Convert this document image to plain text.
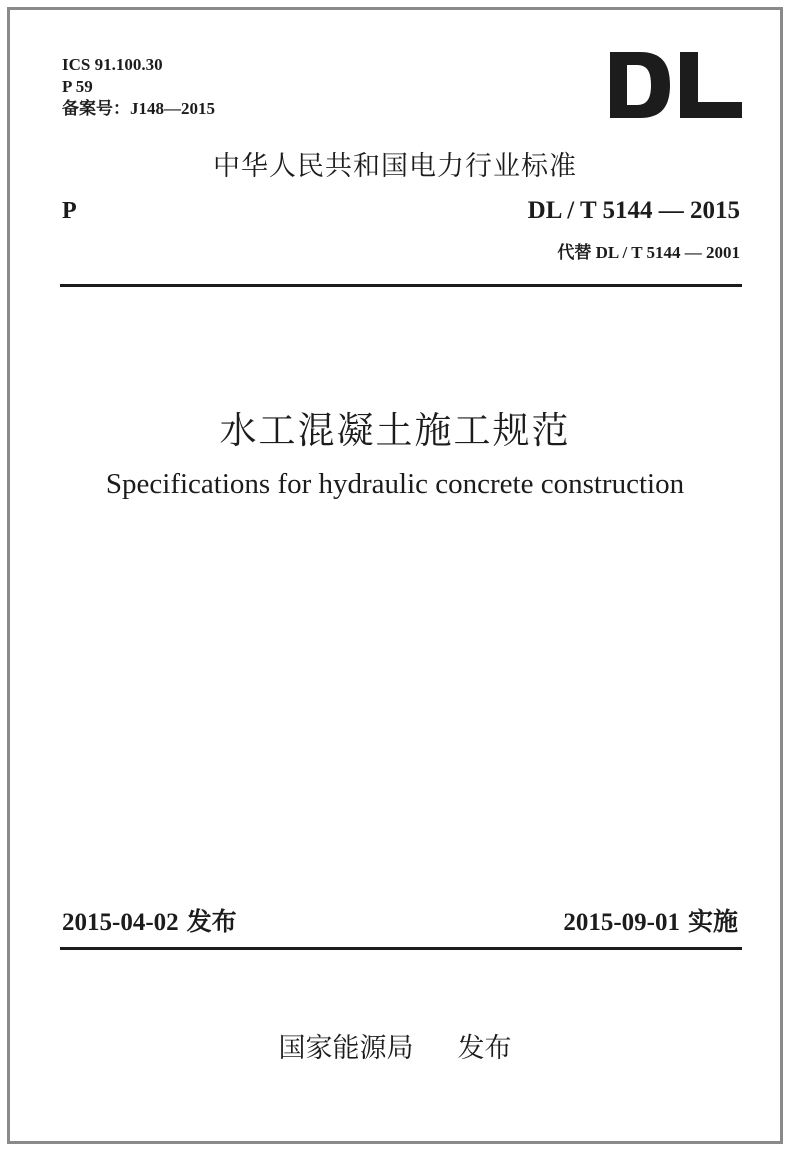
ICS 91.100.30
P 59
备案号：J148—2015
中华人民共和国电力行业标准
P	DL / T 5144 — 2015
代替 DL / T 5144 — 2001
水工混凝土施工规范
Specifications for hydraulic concrete construction
2015-04-02 发布	2015-09-01 实施
国家能源局 发布
